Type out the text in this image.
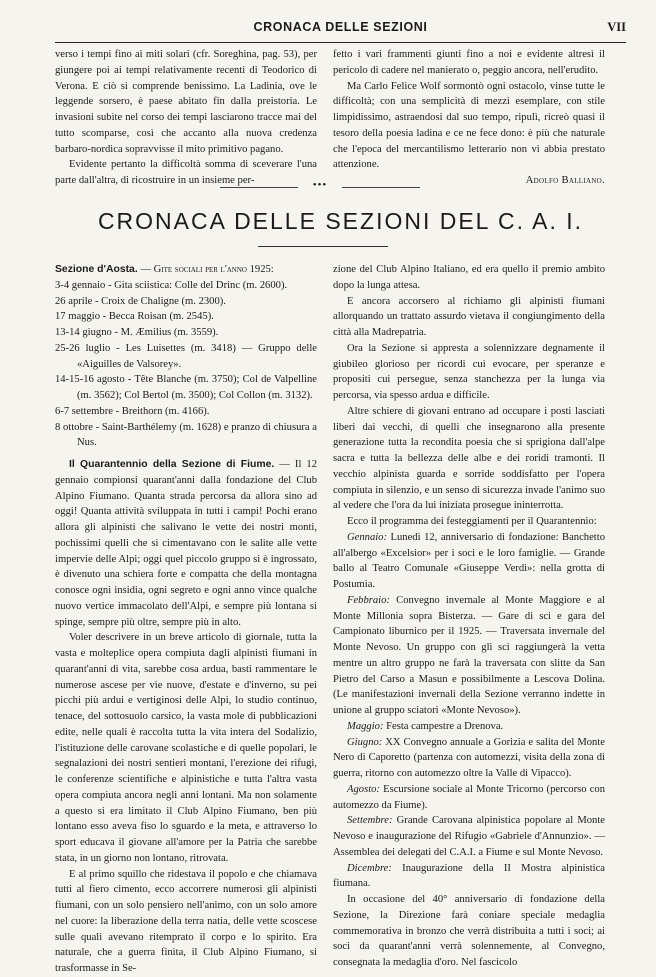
CRONACA DELLE SEZIONI	VII

verso i tempi fino ai miti solari (cfr. Soreghina, pag. 53), per giungere poi ai tempi relativamente recenti di Teodorico di Verona. E ciò si comprende benissimo. La Ladinia, ove le leggende sorsero, è paese abitato fin dalla preistoria. Le invasioni subìte nel corso dei tempi lasciarono tracce mai del tutto scomparse, così che accanto alla nuova credenza barbaro-nordica sopravvisse il mito primitivo pagano.

Evidente pertanto la difficoltà somma di sceverare l'una parte dall'altra, di ricostruire in un insieme per-

fetto i vari frammenti giunti fino a noi e evidente altresì il pericolo di cadere nel manierato o, peggio ancora, nell'erudito.

Ma Carlo Felice Wolf sormontò ogni ostacolo, vinse tutte le difficoltà; con una semplicità di mezzi esemplare, con stile limpidissimo, astraendosi dal suo tempo, ripulì, ricreò quasi il tesoro della poesia ladina e ce ne fece dono: è più che naturale che l'epoca del mercantilismo letterario non vi abbia prestato attenzione.

Adolfo Balliano.

•••
CRONACA DELLE SEZIONI DEL C. A. I.

Sezione d'Aosta. — Gite sociali per l'anno 1925:

3-4 gennaio - Gita sciistica: Colle del Drinc (m. 2600).

26 aprile - Croix de Chaligne (m. 2300).

17 maggio - Becca Roisan (m. 2545).

13-14 giugno - M. Æmilius (m. 3559).

25-26 luglio - Les Luisettes (m. 3418) — Gruppo delle «Aiguilles de Valsorey».

14-15-16 agosto - Tête Blanche (m. 3750); Col de Valpelline (m. 3562); Col Bertol (m. 3500); Col Collon (m. 3132).

6-7 settembre - Breithorn (m. 4166).

8 ottobre - Saint-Barthélemy (m. 1628) e pranzo di chiusura a Nus.

Il Quarantennio della Sezione di Fiume. — Il 12 gennaio compionsi quarant'anni dalla fondazione del Club Alpino Fiumano. Quanta strada percorsa da allora sino ad oggi! Quanta attività sviluppata in tutti i campi! Pochi erano allora gli alpinisti che salivano le vette dei nostri monti, pochissimi quelli che si cimentavano con le salite alle vette impervie delle Alpi; oggi quel piccolo gruppo si è ingrossato, è divenuto una schiera forte e compatta che della montagna conosce ogni insidia, ogni segreto e ogni anno vince qualche nuovo vertice immacolato dell'Alpi, e sempre più lontana si spinge, sempre più oltre, sempre più in alto.

Voler descrivere in un breve articolo di giornale, tutta la vasta e molteplice opera compiuta dagli alpinisti fiumani in quarant'anni di vita, sarebbe cosa ardua, basti rammentare le numerose ascese per vie nuove, d'estate e d'inverno, su pei picchi più ardui e vertiginosi delle Alpi, lo studio continuo, tenace, del sottosuolo carsico, la vasta mole di pubblicazioni edite, nelle quali è raccolta tutta la vita intera del Sodalizio, l'istituzione delle carovane scolastiche e di quelle popolari, le segnalazioni dei nostri sentieri montani, l'erezione dei rifugi, le conferenze scientifiche e alpinistiche e tutta l'altra vasta opera compiuta ancora negli anni lontani. Ma non solamente a questo si era limitato il Club Alpino Fiumano, ben più lontano esso aveva fiso lo sguardo e la meta, e attraverso lo sport educava il giovane all'amore per la Patria che sarebbe stata, in un giorno non lontano, ritrovata.

E al primo squillo che ridestava il popolo e che chiamava tutti al fiero cimento, ecco accorrere numerosi gli alpinisti fiumani, con un solo pensiero nell'animo, con un solo amore nel cuore: la liberazione della terra natia, delle vette scoscese sulle quali avevano ritemprato il corpo e lo spirito. Era naturale, che a guerra finita, il Club Alpino Fiumano, si trasformasse in Se-

zione del Club Alpino Italiano, ed era quello il premio ambìto dopo la lunga attesa.

E ancora accorsero al richiamo gli alpinisti fiumani allorquando un trattato assurdo vietava il congiungimento della città alla Madrepatria.

Ora la Sezione si appresta a solennizzare degnamente il giubileo glorioso per ricordi cui evocare, per speranze e propositi cui persegue, senza stanchezza per la lunga via percorsa, via spesso ardua e difficile.

Altre schiere di giovani entrano ad occupare i posti lasciati liberi dai vecchi, di quelli che insegnarono alla presente generazione tutta la recondita poesia che si sprigiona dall'alpe sacra e tutta la bellezza delle albe e dei roridi tramonti. Il vecchio alpinista guarda e sorride soddisfatto per l'opera compiuta in silenzio, e un senso di sicurezza invade l'animo suo al vedere che l'ora da lui iniziata prosegue ininterrotta.

Ecco il programma dei festeggiamenti per il Quarantennio:

Gennaio: Lunedì 12, anniversario di fondazione: Banchetto all'albergo «Excelsior» per i soci e le loro famiglie. — Grande ballo al Teatro Comunale «Giuseppe Verdi»: nella grotta di Postumia.

Febbraio: Convegno invernale al Monte Maggiore e al Monte Millonia sopra Bisterza. — Gare di sci e gara del Campionato liburnico per il 1925. — Traversata invernale del Monte Nevoso. Un gruppo con gli sci raggiungerà la vetta mentre un altro gruppo ne farà la traversata con slitte da San Pietro del Carso a Masun e possibilmente a Lescova Dolina. (Le manifestazioni invernali della Sezione verranno indette in unione al gruppo sciatori «Monte Nevoso»).

Maggio: Festa campestre a Drenova.

Giugno: XX Convegno annuale a Gorizia e salita del Monte Nero di Caporetto (partenza con automezzi, visita della zona di guerra, ritorno con automezzo oltre la Valle di Vipacco).

Agosto: Escursione sociale al Monte Tricorno (percorso con automezzo da Fiume).

Settembre: Grande Carovana alpinistica popolare al Monte Nevoso e inaugurazione del Rifugio «Gabriele d'Annunzio». — Assemblea dei delegati del C.A.I. a Fiume e sul Monte Nevoso.

Dicembre: Inaugurazione della II Mostra alpinistica fiumana.

In occasione del 40° anniversario di fondazione della Sezione, la Direzione farà coniare speciale medaglia commemorativa in bronzo che verrà distribuita a tutti i soci; ai soci da quarant'anni verrà solennemente, al Convegno, consegnata la medaglia d'oro. Nel fascicolo
